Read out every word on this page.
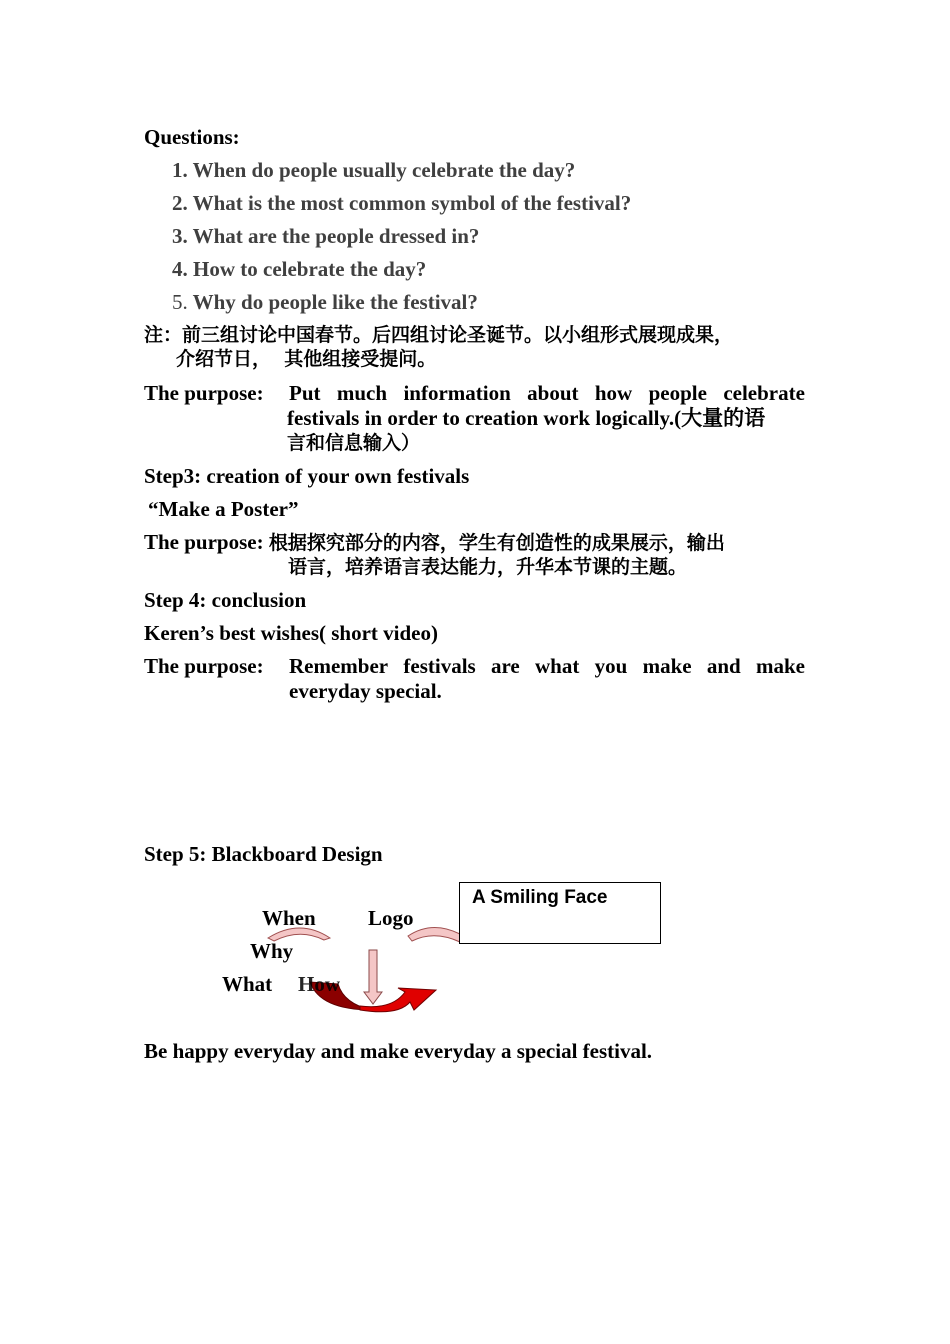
Questions:
1. When do people usually celebrate the day?
2. What is the most common symbol of the festival?
3. What are the people dressed in?
4. How to celebrate the day?
5. Why do people like the festival?
注：前三组讨论中国春节。后四组讨论圣诞节。以小组形式展现成果，
介绍节日，  其他组接受提问。
The purpose: Put much information about how people celebrate
festivals in order to creation work logically.(大量的语
言和信息输入）
Step3: creation of your own festivals
“Make a Poster”
The purpose: 根据探究部分的内容，学生有创造性的成果展示，输出
语言，培养语言表达能力，升华本节课的主题。
Step 4: conclusion
Keren’s best wishes( short video)
The purpose: Remember festivals are what you make and make
everyday special.
Step 5: Blackboard Design
When Logo
Why
What How
A Smiling Face
Be happy everyday and make everyday a special festival.
